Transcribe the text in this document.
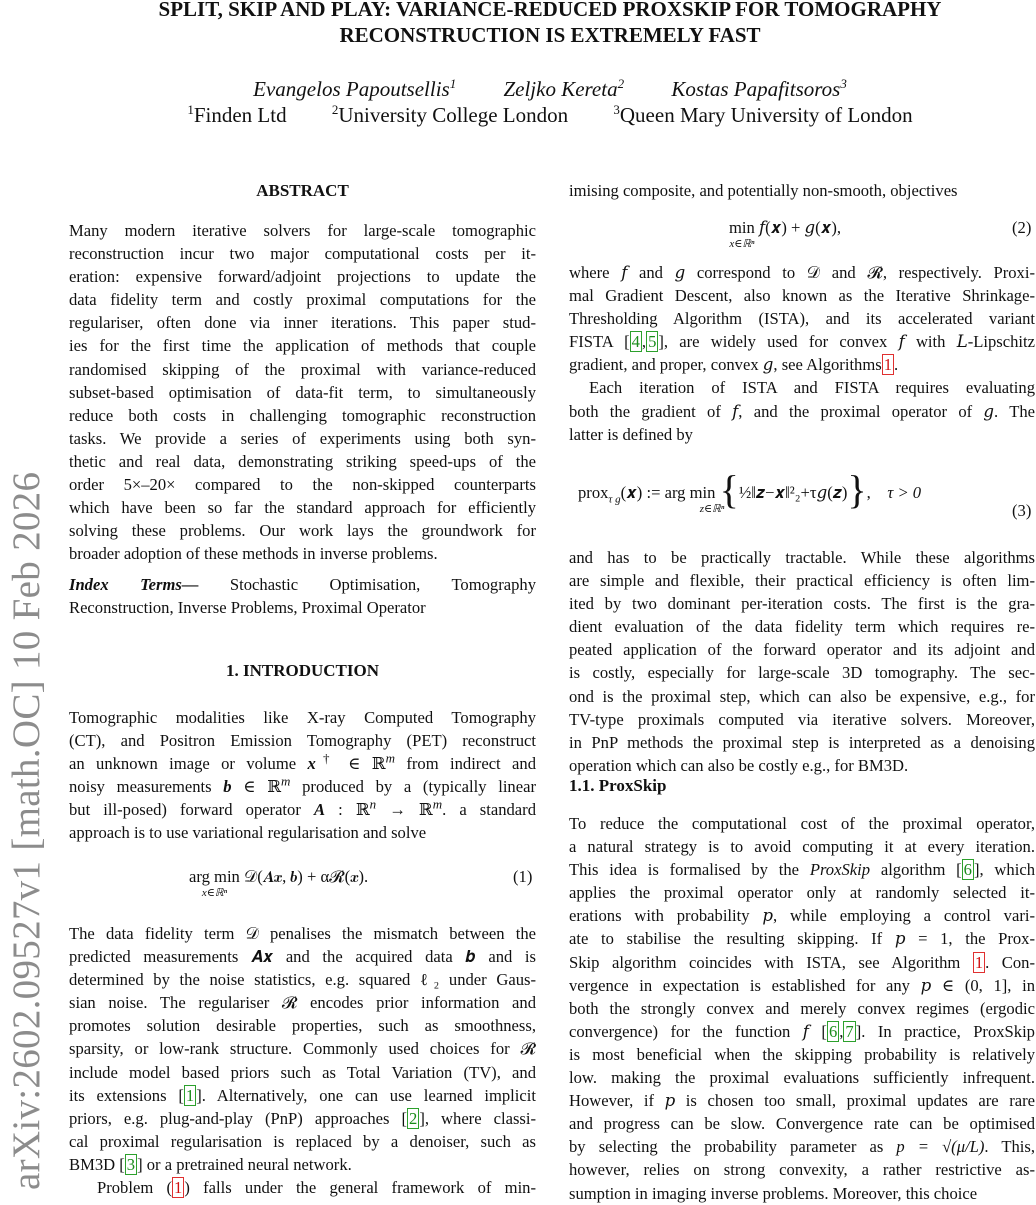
arXiv:2602.09527v1 [math.OC] 10 Feb 2026
SPLIT, SKIP AND PLAY: VARIANCE-REDUCED PROXSKIP FOR TOMOGRAPHY
RECONSTRUCTION IS EXTREMELY FAST
Evangelos Papoutsellis$^1$ Zeljko Kereta$^2$ Kostas Papafitsoros$^3$
$^1$Finden Ltd	$^2$University College London	$^3$Queen Mary University of London
ABSTRACT
Many modern iterative solvers for large-scale tomographic
reconstruction incur two major computational costs per it-
eration: expensive forward/adjoint projections to update the
data fidelity term and costly proximal computations for the
regulariser, often done via inner iterations. This paper stud-
ies for the first time the application of methods that couple
randomised skipping of the proximal with variance-reduced
subset-based optimisation of data-fit term, to simultaneously
reduce both costs in challenging tomographic reconstruction
tasks. We provide a series of experiments using both syn-
thetic and real data, demonstrating striking speed-ups of the
order 5×–20× compared to the non-skipped counterparts
which have been so far the standard approach for efficiently
solving these problems. Our work lays the groundwork for
broader adoption of these methods in inverse problems.
Index Terms— Stochastic Optimisation, Tomography
Reconstruction, Inverse Problems, Proximal Operator
1. INTRODUCTION
Tomographic modalities like X-ray Computed Tomography
(CT), and Positron Emission Tomography (PET) reconstruct
an unknown image or volume x† ∈ ℝ$^m$ from indirect and
noisy measurements b ∈ ℝ$^m$ produced by a (typically linear
but ill-posed) forward operator A : ℝ$^n$ → ℝ$^m$. a standard
approach is to use variational regularisation and solve
arg min
$^{x\in ℝ^n}$ 𝒟(𝑨𝒙, 𝒃) + α𝓡(𝒙).	(1)
The data fidelity term 𝒟 penalises the mismatch between the
predicted measurements 𝑨𝒙 and the acquired data 𝒃 and is
determined by the noise statistics, e.g. squared ℓ₂ under Gaus-
sian noise. The regulariser 𝓡 encodes prior information and
promotes solution desirable properties, such as smoothness,
sparsity, or low-rank structure. Commonly used choices for 𝓡
include model based priors such as Total Variation (TV), and
its extensions [ 1 ]. Alternatively, one can use learned implicit
priors, e.g. plug-and-play (PnP) approaches [ 2 ], where classi-
cal proximal regularisation is replaced by a denoiser, such as
BM3D [ 3 ] or a pretrained neural network.
Problem ( 1 ) falls under the general framework of min-
imising composite, and potentially non-smooth, objectives
min
$^{x\in ℝ^n}$ 𝑓(𝒙) + 𝑔(𝒙),	(2)
where 𝑓 and 𝑔 correspond to 𝒟 and 𝓡, respectively. Proxi-
mal Gradient Descent, also known as the Iterative Shrinkage-
Thresholding Algorithm (ISTA), and its accelerated variant
FISTA [ 4 , 5 ], are widely used for convex 𝑓 with 𝐿-Lipschitz
gradient, and proper, convex 𝑔, see Algorithms 1 .
Each iteration of ISTA and FISTA requires evaluating
both the gradient of 𝑓, and the proximal operator of 𝑔. The
latter is defined by
prox$_{\tau g}$(𝒙) := arg min
$^{z\in ℝ^n}$ {½‖𝒛−𝒙‖²₂+τ𝑔(𝒛)},    τ > 0
(3)
and has to be practically tractable. While these algorithms
are simple and flexible, their practical efficiency is often lim-
ited by two dominant per-iteration costs. The first is the gra-
dient evaluation of the data fidelity term which requires re-
peated application of the forward operator and its adjoint and
is costly, especially for large-scale 3D tomography. The sec-
ond is the proximal step, which can also be expensive, e.g., for
TV-type proximals computed via iterative solvers. Moreover,
in PnP methods the proximal step is interpreted as a denoising
operation which can also be costly e.g., for BM3D.
1.1. ProxSkip
To reduce the computational cost of the proximal operator,
a natural strategy is to avoid computing it at every iteration.
This idea is formalised by the ProxSkip algorithm [ 6 ], which
applies the proximal operator only at randomly selected it-
erations with probability 𝑝, while employing a control vari-
ate to stabilise the resulting skipping. If 𝑝 = 1, the Prox-
Skip algorithm coincides with ISTA, see Algorithm 1 . Con-
vergence in expectation is established for any 𝑝 ∈ (0, 1], in
both the strongly convex and merely convex regimes (ergodic
convergence) for the function 𝑓 [ 6 , 7 ]. In practice, ProxSkip
is most beneficial when the skipping probability is relatively
low. making the proximal evaluations sufficiently infrequent.
However, if 𝑝 is chosen too small, proximal updates are rare
and progress can be slow. Convergence rate can be optimised
by selecting the probability parameter as p = √(μ/L). This,
however, relies on strong convexity, a rather restrictive as-
sumption in imaging inverse problems. Moreover, this choice
